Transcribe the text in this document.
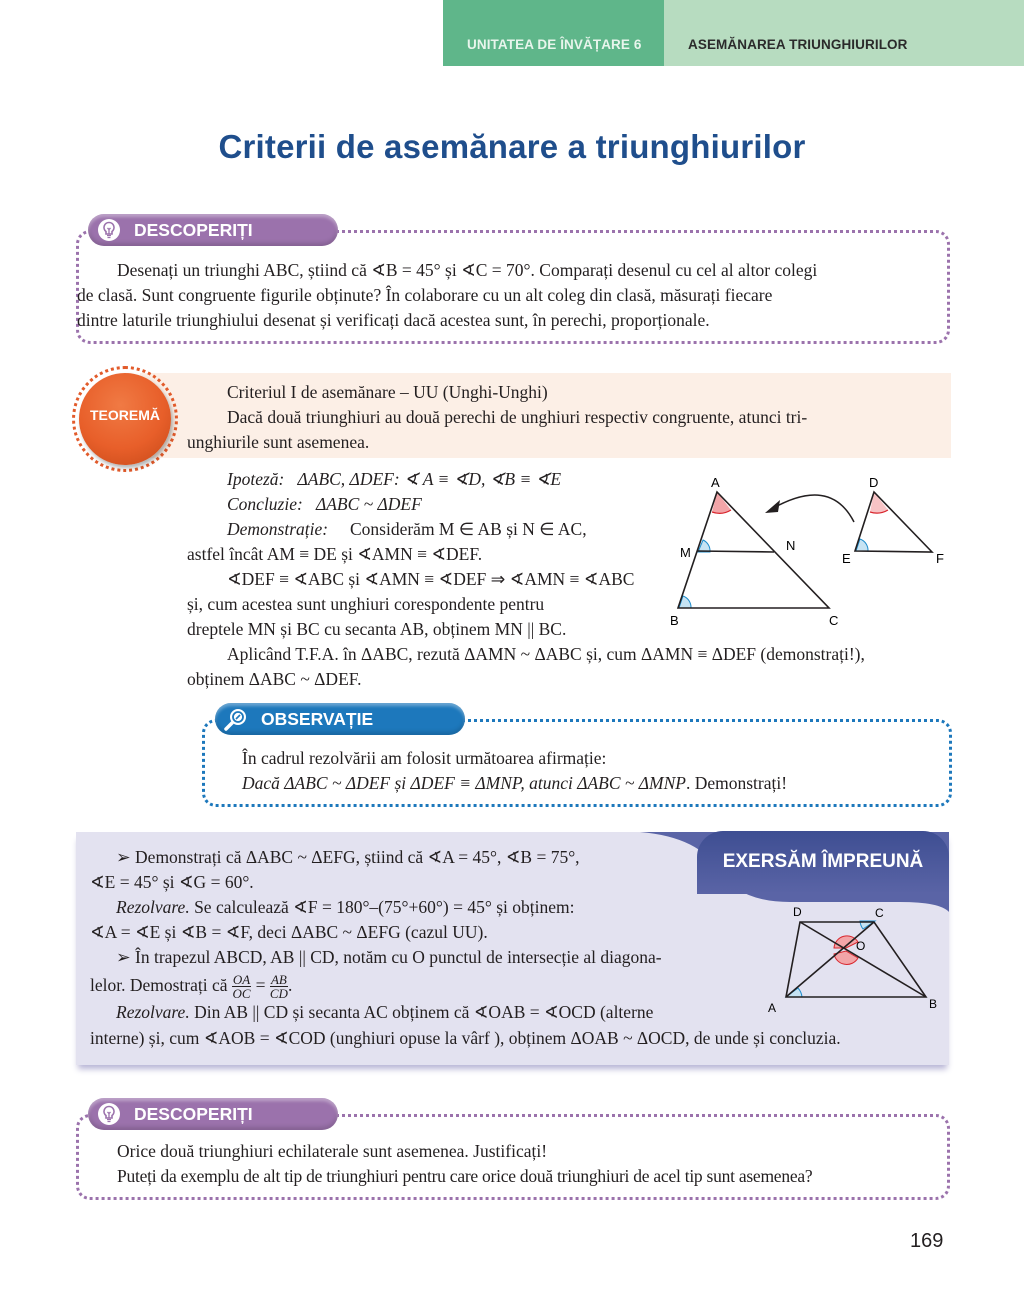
UNITATEA DE ÎNVĂȚARE 6	ASEMĂNAREA TRIUNGHIURILOR
Criterii de asemănare a triunghiurilor
DESCOPERIȚI

Desenați un triunghi ABC, știind că ∢B = 45° și ∢C = 70°. Comparați desenul cu cel al altor colegi

de clasă. Sunt congruente figurile obținute? În colaborare cu un alt coleg din clasă, măsurați fiecare

dintre laturile triunghiului desenat și verificați dacă acestea sunt, în perechi, proporționale.

TEOREMĂ

Criteriul I de asemănare – UU (Unghi-Unghi)

Dacă două triunghiuri au două perechi de unghiuri respectiv congruente, atunci tri-

unghiurile sunt asemenea.

Ipoteză: ΔABC, ΔDEF: ∢ A ≡ ∢D, ∢B ≡ ∢E

Concluzie: ΔABC ~ ΔDEF

Demonstrație: Considerăm M ∈ AB și N ∈ AC,

astfel încât AM ≡ DE și ∢AMN ≡ ∢DEF.

∢DEF ≡ ∢ABC și ∢AMN ≡ ∢DEF ⇒ ∢AMN ≡ ∢ABC

și, cum acestea sunt unghiuri corespondente pentru

dreptele MN și BC cu secanta AB, obținem MN || BC.

Aplicând T.F.A. în ΔABC, rezută ΔAMN ~ ΔABC și, cum ΔAMN ≡ ΔDEF (demonstrați!),

obținem ΔABC ~ ΔDEF.

A
M	N
B	C
D
E	F
OBSERVAȚIE

În cadrul rezolvării am folosit următoarea afirmație:

Dacă ΔABC ~ ΔDEF și ΔDEF ≡ ΔMNP, atunci ΔABC ~ ΔMNP. Demonstrați!

EXERSĂM ÎMPREUNĂ

➢ Demonstrați că ΔABC ~ ΔEFG, știind că ∢A = 45°, ∢B = 75°,

∢E = 45° și ∢G = 60°.

Rezolvare. Se calculează ∢F = 180°–(75°+60°) = 45° și obținem:

∢A = ∢E și ∢B = ∢F, deci ΔABC ~ ΔEFG (cazul UU).

➢ În trapezul ABCD, AB || CD, notăm cu O punctul de intersecție al diagona-

lelor. Demostrați că $\frac{OA}{OC} = \frac{AB}{CD}$ .

Rezolvare. Din AB || CD și secanta AC obținem că ∢OAB = ∢OCD (alterne

interne) și, cum ∢AOB = ∢COD (unghiuri opuse la vârf ), obținem ΔOAB ~ ΔOCD, de unde și concluzia.

D	C
O
A	B
DESCOPERIȚI

Orice două triunghiuri echilaterale sunt asemenea. Justificați!

Puteți da exemplu de alt tip de triunghiuri pentru care orice două triunghiuri de acel tip sunt asemenea?

169
